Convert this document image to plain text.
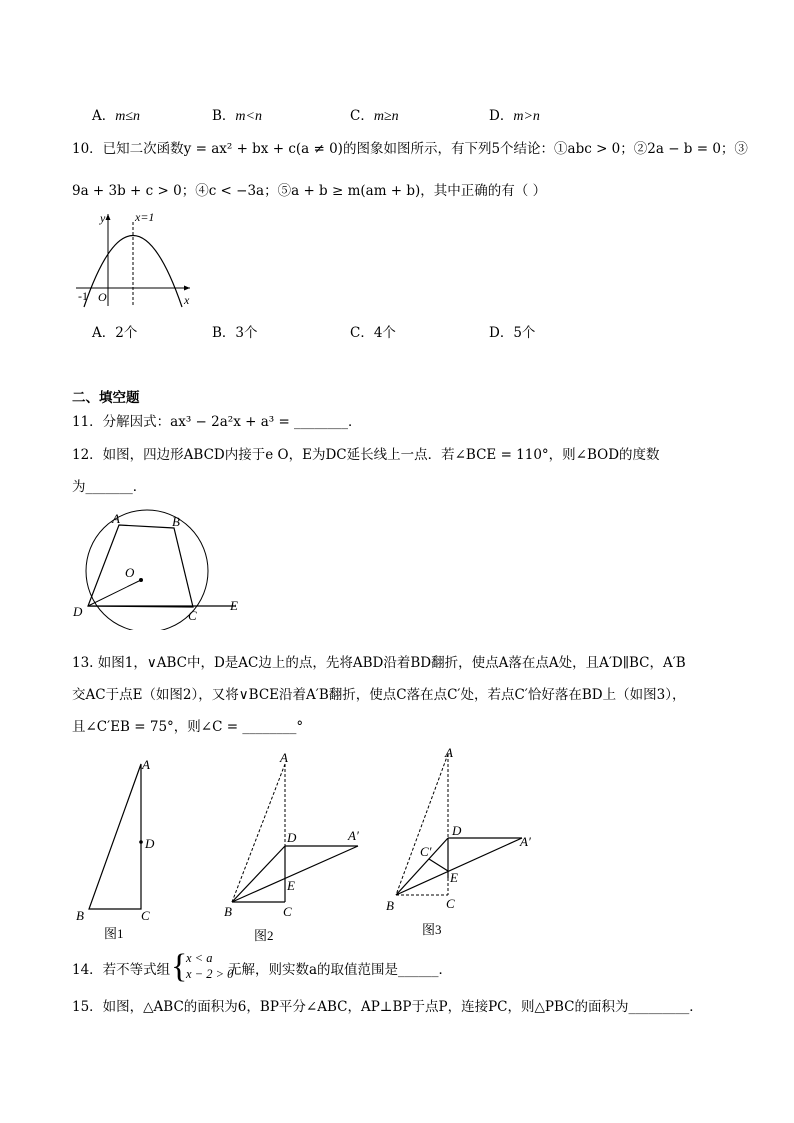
A．m≤n	B．m<n	C．m≥n	D．m>n
10．已知二次函数y = ax² + bx + c(a ≠ 0)的图象如图所示，有下列5个结论：①abc > 0；②2a − b = 0；③
9a + 3b + c > 0；④c < −3a；⑤a + b ≥ m(am + b)，其中正确的有（ ）
y
x
x=1
-1 O
A．2个	B．3个	C．4个	D．5个
二、填空题
11．分解因式：ax³ − 2a²x + a³ = ________．
12．如图，四边形ABCD内接于e O，E为DC延长线上一点．若∠BCE = 110°，则∠BOD的度数
为_______．
A	B
O
D	C
E
13. 如图1，∨ABC中，D是AC边上的点，先将ABD沿着BD翻折，使点A落在点A处，且A′D∥BC，A′B
交AC于点E（如图2），又将∨BCE沿着A′B翻折，使点C落在点C′处，若点C′恰好落在BD上（如图3），
且∠C′EB = 75°，则∠C = ________°
A
D
B	C
图1
A
D	A′
E
B	C
图2
A
D
A′
C′
E
B	C
图3
14．若不等式组 {
x < a
x − 2 > 0
无解，则实数a的取值范围是______．
15．如图，△ABC的面积为6，BP平分∠ABC，AP⊥BP于点P，连接PC，则△PBC的面积为_________．
